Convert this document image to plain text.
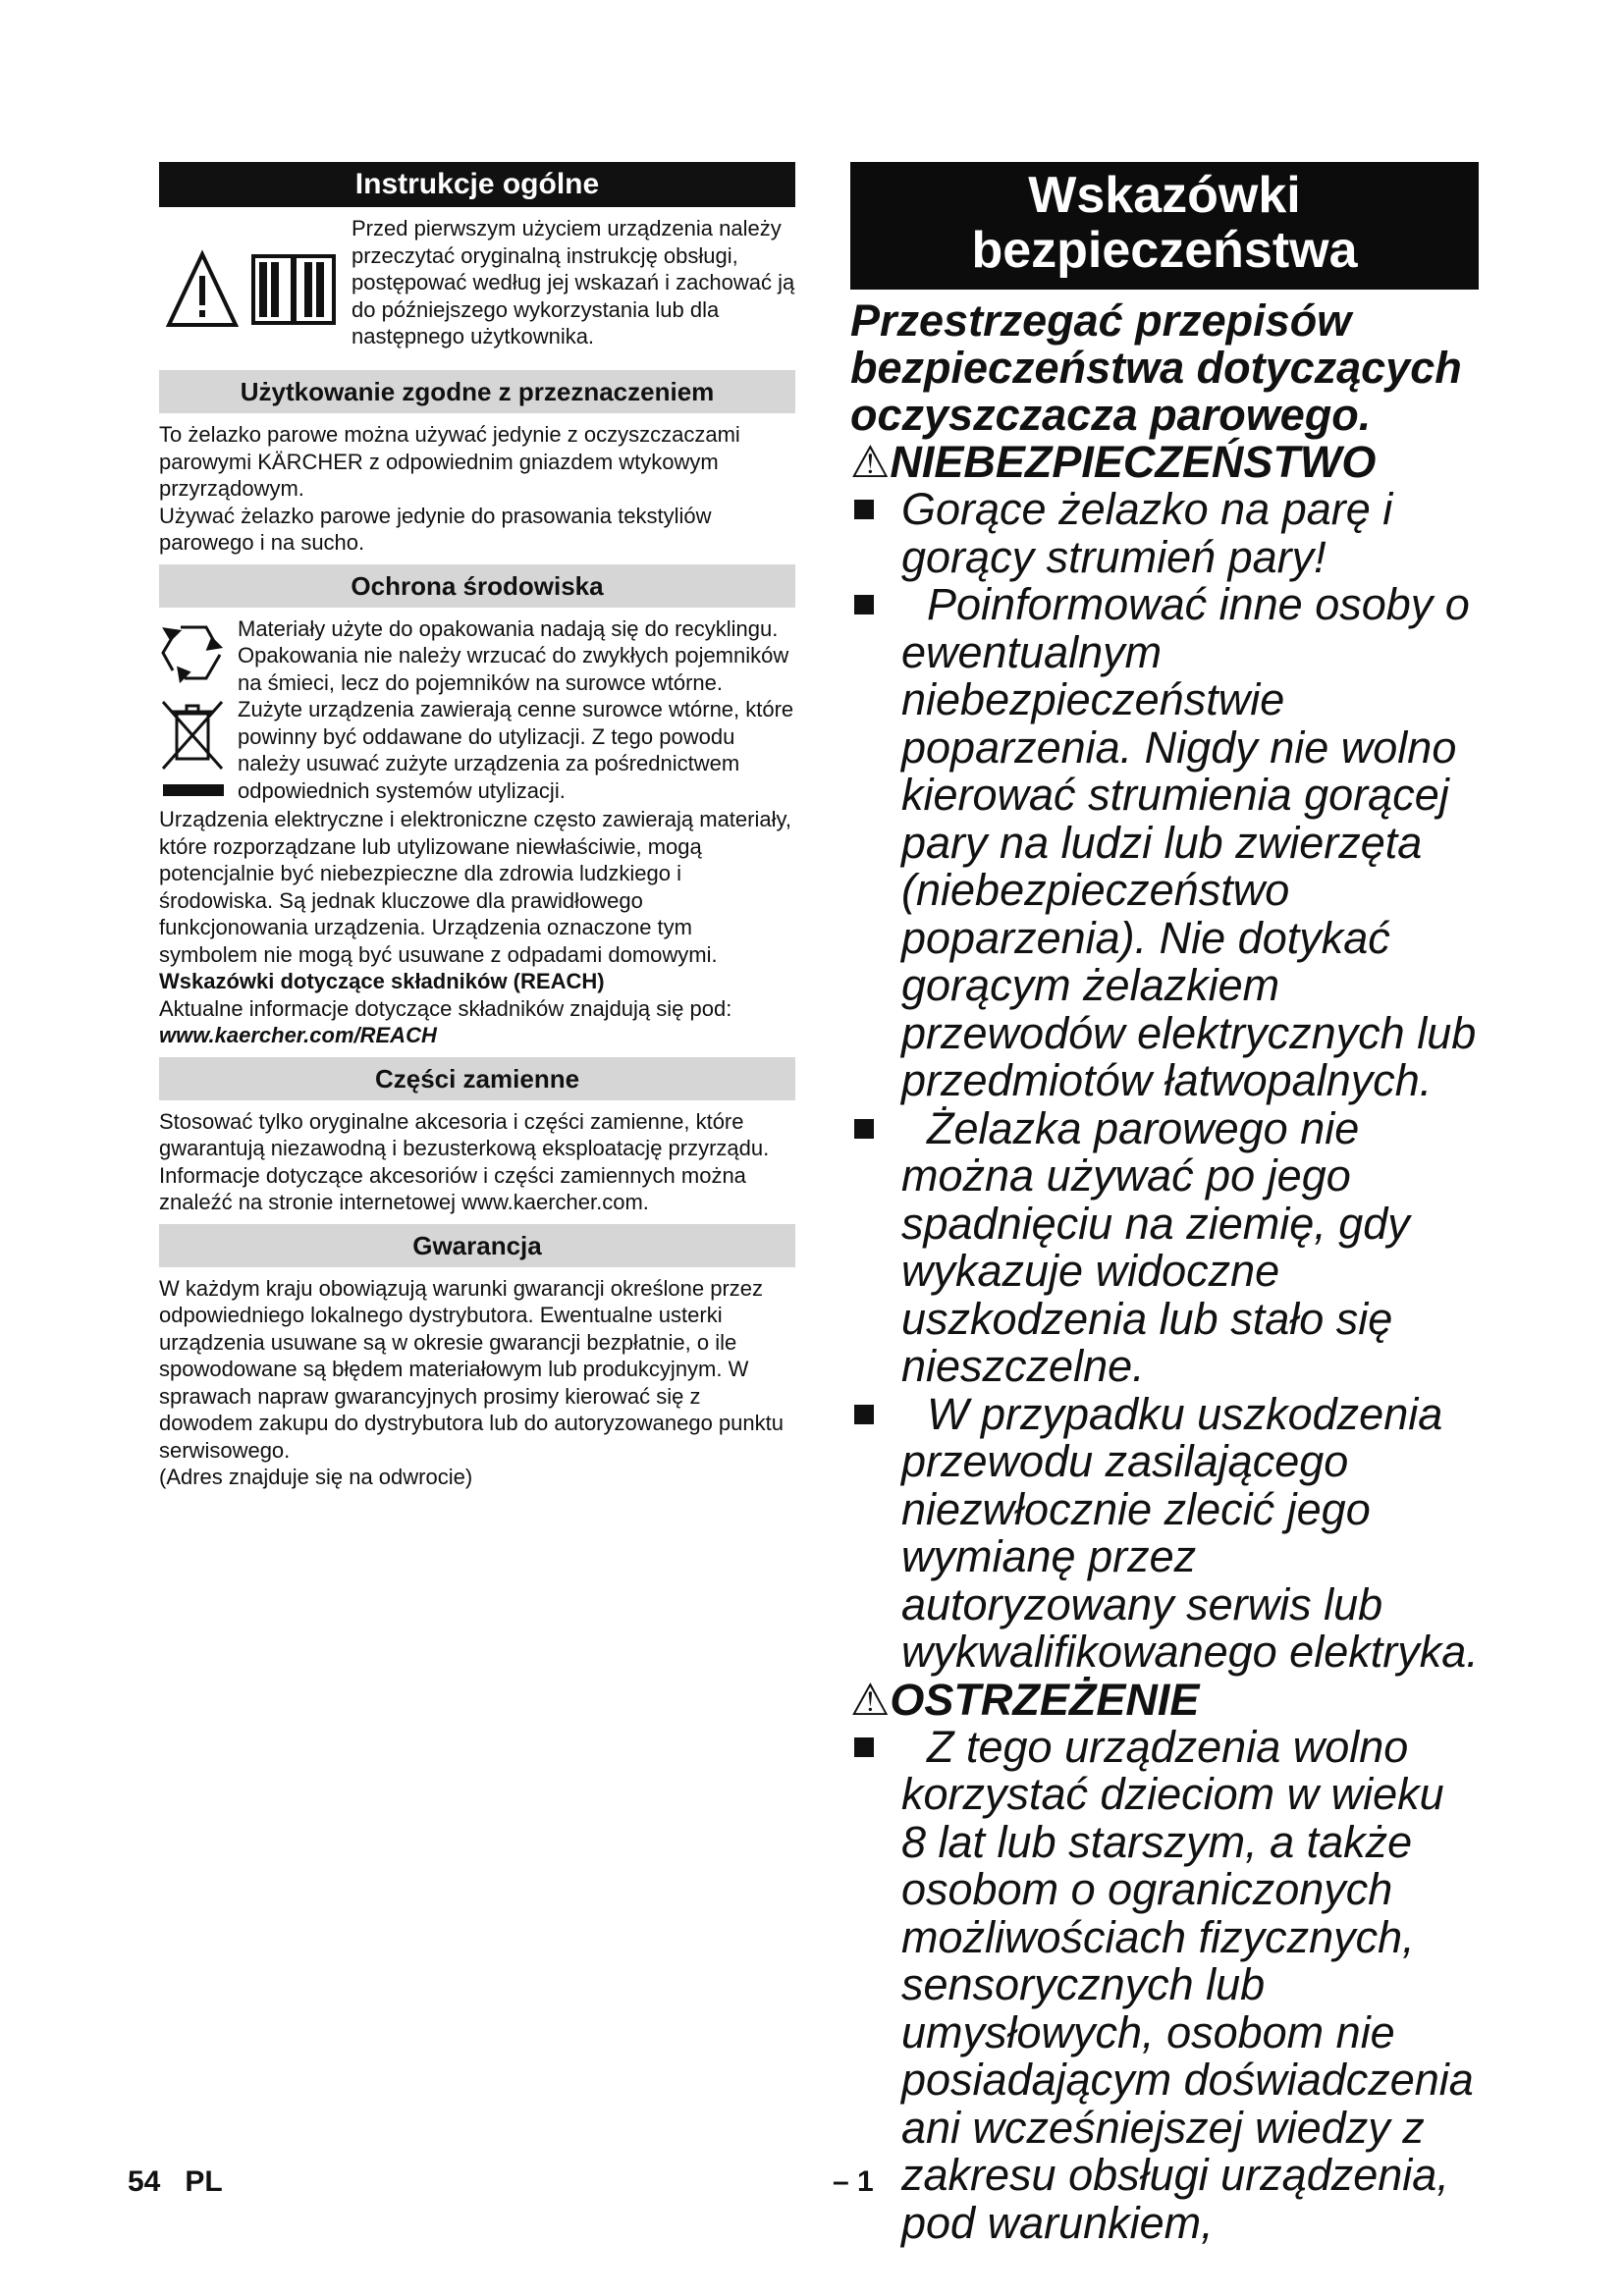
Instrukcje ogólne
Przed pierwszym użyciem urządzenia należy przeczytać oryginalną instrukcję obsługi, postępować według jej wskazań i zachować ją do późniejszego wykorzystania lub dla następnego użytkownika.
Użytkowanie zgodne z przeznaczeniem

To żelazko parowe można używać jedynie z oczyszczaczami parowymi KÄRCHER z odpowiednim gniazdem wtykowym przyrządowym.

Używać żelazko parowe jedynie do prasowania tekstyliów parowego i na sucho.

Ochrona środowiska

Materiały użyte do opakowania nadają się do recyklingu. Opakowania nie należy wrzucać do zwykłych pojemników na śmieci, lecz do pojemników na surowce wtórne.

Zużyte urządzenia zawierają cenne surowce wtórne, które powinny być oddawane do utylizacji. Z tego powodu należy usuwać zużyte urządzenia za pośrednictwem odpowiednich systemów utylizacji.

Urządzenia elektryczne i elektroniczne często zawierają materiały, które rozporządzane lub utylizowane niewłaściwie, mogą potencjalnie być niebezpieczne dla zdrowia ludzkiego i środowiska. Są jednak kluczowe dla prawidłowego funkcjonowania urządzenia. Urządzenia oznaczone tym symbolem nie mogą być usuwane z odpadami domowymi.

Wskazówki dotyczące składników (REACH)

Aktualne informacje dotyczące składników znajdują się pod:

www.kaercher.com/REACH

Części zamienne

Stosować tylko oryginalne akcesoria i części zamienne, które gwarantują niezawodną i bezusterkową eksploatację przyrządu.

Informacje dotyczące akcesoriów i części zamiennych można znaleźć na stronie internetowej www.kaercher.com.

Gwarancja

W każdym kraju obowiązują warunki gwarancji określone przez odpowiedniego lokalnego dystrybutora. Ewentualne usterki urządzenia usuwane są w okresie gwarancji bezpłatnie, o ile spowodowane są błędem materiałowym lub produkcyjnym. W sprawach napraw gwarancyjnych prosimy kierować się z dowodem zakupu do dystrybutora lub do autoryzowanego punktu serwisowego.

(Adres znajduje się na odwrocie)

Wskazówki
bezpieczeństwa
Przestrzegać przepisów bezpieczeństwa dotyczących oczyszczacza parowego.
⚠NIEBEZPIECZEŃSTWO
Gorące żelazko na parę i gorący strumień pary!
Poinformować inne osoby o ewentualnym niebezpieczeństwie poparzenia. Nigdy nie wolno kierować strumienia gorącej pary na ludzi lub zwierzęta (niebezpieczeństwo poparzenia). Nie dotykać gorącym żelazkiem przewodów elektrycznych lub przedmiotów łatwopalnych.
Żelazka parowego nie można używać po jego spadnięciu na ziemię, gdy wykazuje widoczne uszkodzenia lub stało się nieszczelne.
W przypadku uszkodzenia przewodu zasilającego niezwłocznie zlecić jego wymianę przez autoryzowany serwis lub wykwalifikowanego elektryka.
⚠OSTRZEŻENIE
Z tego urządzenia wolno korzystać dzieciom w wieku 8 lat lub starszym, a także osobom o ograniczonych możliwościach fizycznych, sensorycznych lub umysłowych, osobom nie posiadającym doświadczenia ani wcześniejszej wiedzy z zakresu obsługi urządzenia, pod warunkiem,
54 PL	– 1
